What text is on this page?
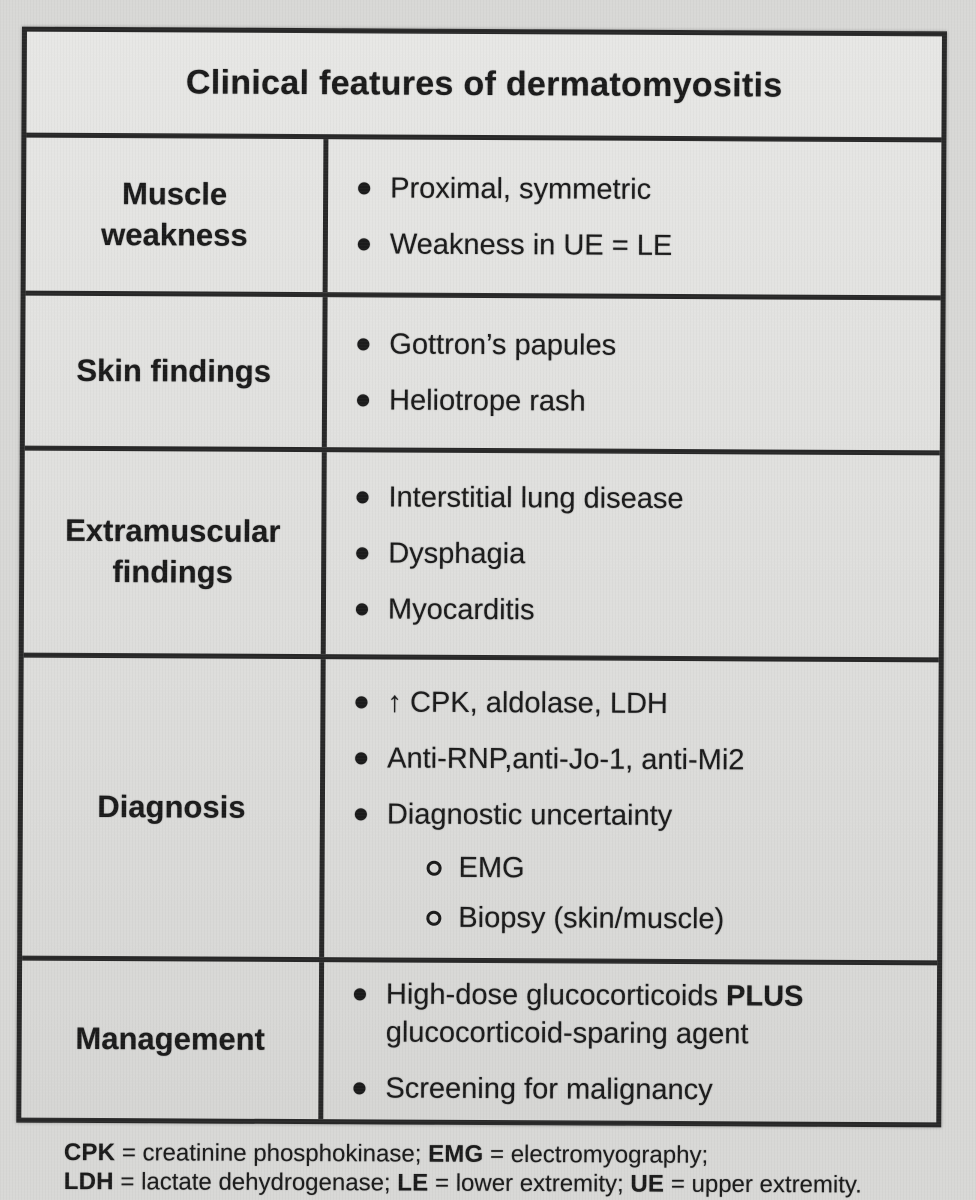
Clinical features of dermatomyositis
Muscle
weakness
Proximal, symmetric
Weakness in UE = LE
Skin findings
Gottron’s papules
Heliotrope rash
Extramuscular
findings
Interstitial lung disease
Dysphagia
Myocarditis
Diagnosis
↑ CPK, aldolase, LDH
Anti-RNP,anti-Jo-1, anti-Mi2
Diagnostic uncertainty
EMG
Biopsy (skin/muscle)
Management
High-dose glucocorticoids PLUS
glucocorticoid-sparing agent
Screening for malignancy
CPK = creatinine phosphokinase; EMG = electromyography;
LDH = lactate dehydrogenase; LE = lower extremity; UE = upper extremity.
